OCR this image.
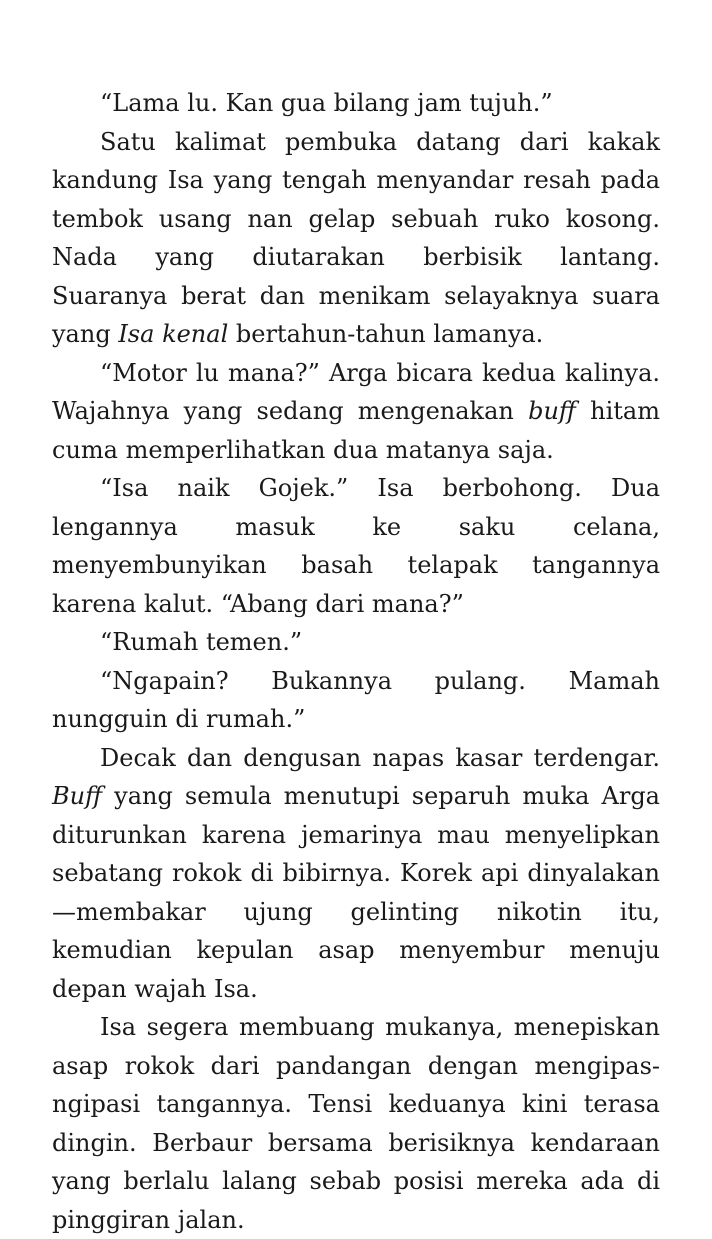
“Lama lu. Kan gua bilang jam tujuh.”

Satu kalimat pembuka datang dari kakak kandung Isa yang tengah menyandar resah pada tembok usang nan gelap sebuah ruko kosong. Nada yang diutarakan berbisik lantang. Suaranya berat dan menikam selayaknya suara yang Isa kenal bertahun-tahun lamanya.

“Motor lu mana?” Arga bicara kedua kalinya. Wajahnya yang sedang mengenakan buff hitam cuma memperlihatkan dua matanya saja.

“Isa naik Gojek.” Isa berbohong. Dua lengannya masuk ke saku celana, menyembunyikan basah telapak tangannya karena kalut. “Abang dari mana?”

“Rumah temen.”

“Ngapain? Bukannya pulang. Mamah nungguin di rumah.”

Decak dan dengusan napas kasar terdengar. Buff yang semula menutupi separuh muka Arga diturunkan karena jemarinya mau menyelipkan sebatang rokok di bibirnya. Korek api dinyalakan—membakar ujung gelinting nikotin itu, kemudian kepulan asap menyembur menuju depan wajah Isa.

Isa segera membuang mukanya, menepiskan asap rokok dari pandangan dengan mengipas-ngipasi tangannya. Tensi keduanya kini terasa dingin. Berbaur bersama berisiknya kendaraan yang berlalu lalang sebab posisi mereka ada di pinggiran jalan.
